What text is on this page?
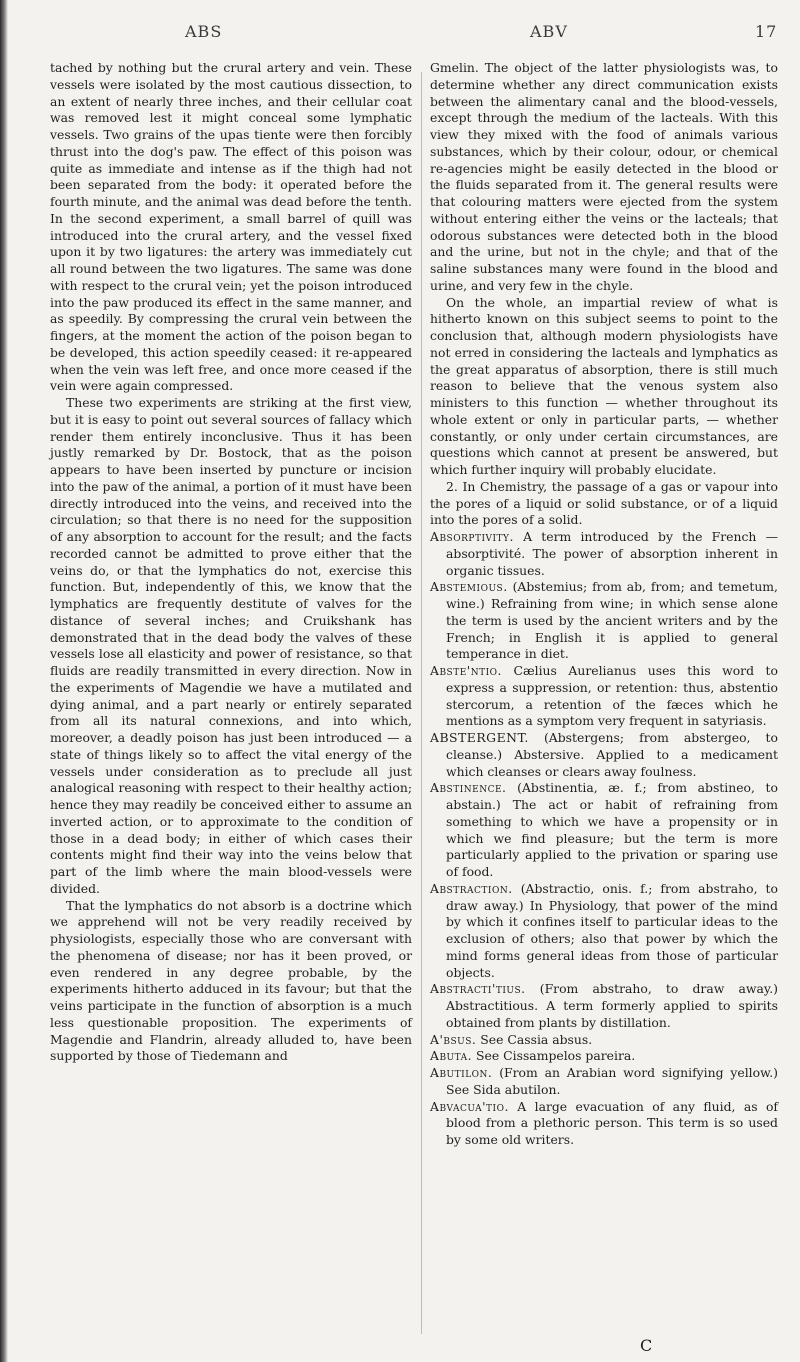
ABS	ABV	17

tached by nothing but the crural artery and vein. These vessels were isolated by the most cautious dissection, to an extent of nearly three inches, and their cellular coat was removed lest it might conceal some lymphatic vessels. Two grains of the upas tiente were then forcibly thrust into the dog's paw. The effect of this poison was quite as immediate and intense as if the thigh had not been separated from the body: it operated before the fourth minute, and the animal was dead before the tenth. In the second experiment, a small barrel of quill was introduced into the crural artery, and the vessel fixed upon it by two ligatures: the artery was immediately cut all round between the two ligatures. The same was done with respect to the crural vein; yet the poison introduced into the paw produced its effect in the same manner, and as speedily. By compressing the crural vein between the fingers, at the moment the action of the poison began to be developed, this action speedily ceased: it re-appeared when the vein was left free, and once more ceased if the vein were again compressed.

These two experiments are striking at the first view, but it is easy to point out several sources of fallacy which render them entirely inconclusive. Thus it has been justly remarked by Dr. Bostock, that as the poison appears to have been inserted by puncture or incision into the paw of the animal, a portion of it must have been directly introduced into the veins, and received into the circulation; so that there is no need for the supposition of any absorption to account for the result; and the facts recorded cannot be admitted to prove either that the veins do, or that the lymphatics do not, exercise this function. But, independently of this, we know that the lymphatics are frequently destitute of valves for the distance of several inches; and Cruikshank has demonstrated that in the dead body the valves of these vessels lose all elasticity and power of resistance, so that fluids are readily transmitted in every direction. Now in the experiments of Magendie we have a mutilated and dying animal, and a part nearly or entirely separated from all its natural connexions, and into which, moreover, a deadly poison has just been introduced — a state of things likely so to affect the vital energy of the vessels under consideration as to preclude all just analogical reasoning with respect to their healthy action; hence they may readily be conceived either to assume an inverted action, or to approximate to the condition of those in a dead body; in either of which cases their contents might find their way into the veins below that part of the limb where the main blood-vessels were divided.

That the lymphatics do not absorb is a doctrine which we apprehend will not be very readily received by physiologists, especially those who are conversant with the phenomena of disease; nor has it been proved, or even rendered in any degree probable, by the experiments hitherto adduced in its favour; but that the veins participate in the function of absorption is a much less questionable proposition. The experiments of Magendie and Flandrin, already alluded to, have been supported by those of Tiedemann and

Gmelin. The object of the latter physiologists was, to determine whether any direct communication exists between the alimentary canal and the blood-vessels, except through the medium of the lacteals. With this view they mixed with the food of animals various substances, which by their colour, odour, or chemical re-agencies might be easily detected in the blood or the fluids separated from it. The general results were that colouring matters were ejected from the system without entering either the veins or the lacteals; that odorous substances were detected both in the blood and the urine, but not in the chyle; and that of the saline substances many were found in the blood and urine, and very few in the chyle.

On the whole, an impartial review of what is hitherto known on this subject seems to point to the conclusion that, although modern physiologists have not erred in considering the lacteals and lymphatics as the great apparatus of absorption, there is still much reason to believe that the venous system also ministers to this function — whether throughout its whole extent or only in particular parts, — whether constantly, or only under certain circumstances, are questions which cannot at present be answered, but which further inquiry will probably elucidate.

2. In Chemistry, the passage of a gas or vapour into the pores of a liquid or solid substance, or of a liquid into the pores of a solid.

Absorptivity. A term introduced by the French — absorptivité. The power of absorption inherent in organic tissues.

Abstemious. (Abstemius; from ab, from; and temetum, wine.) Refraining from wine; in which sense alone the term is used by the ancient writers and by the French; in English it is applied to general temperance in diet.

Abste'ntio. Cælius Aurelianus uses this word to express a suppression, or retention: thus, abstentio stercorum, a retention of the fæces which he mentions as a symptom very frequent in satyriasis.

ABSTERGENT. (Abstergens; from abstergeo, to cleanse.) Abstersive. Applied to a medicament which cleanses or clears away foulness.

Abstinence. (Abstinentia, æ. f.; from abstineo, to abstain.) The act or habit of refraining from something to which we have a propensity or in which we find pleasure; but the term is more particularly applied to the privation or sparing use of food.

Abstraction. (Abstractio, onis. f.; from abstraho, to draw away.) In Physiology, that power of the mind by which it confines itself to particular ideas to the exclusion of others; also that power by which the mind forms general ideas from those of particular objects.

Abstracti'tius. (From abstraho, to draw away.) Abstractitious. A term formerly applied to spirits obtained from plants by distillation.

A'bsus. See Cassia absus.

Abuta. See Cissampelos pareira.

Abutilon. (From an Arabian word signifying yellow.) See Sida abutilon.

Abvacua'tio. A large evacuation of any fluid, as of blood from a plethoric person. This term is so used by some old writers.

C
